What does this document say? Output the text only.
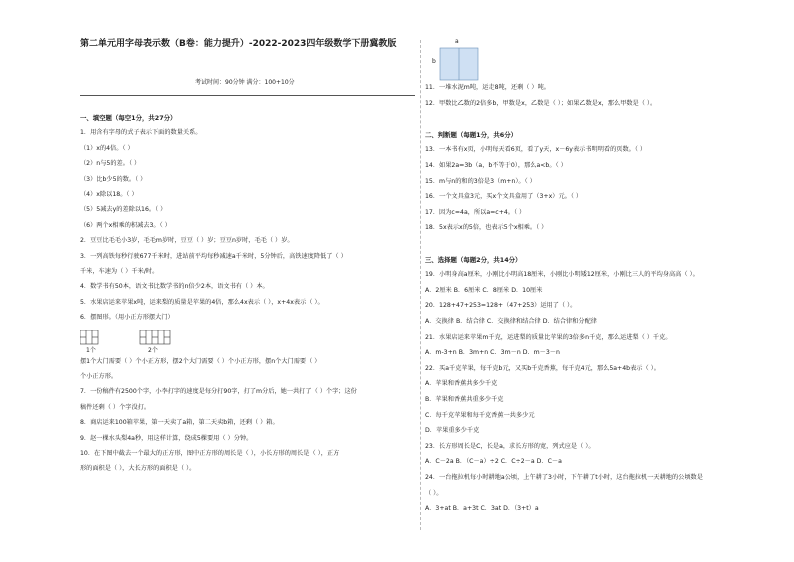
第二单元用字母表示数（B卷：能力提升）-2022-2023四年级数学下册冀教版
考试时间：90分钟 满分：100+10分
一、填空题（每空1分，共27分）
1．用含有字母的式子表示下面的数量关系。
（1）x的4倍。（ ）
（2）n与5的差。（ ）
（3）比b少5的数。（ ）
（4）x除以18。（ ）
（5）5减去y的差除以16。（ ）
（6）两个x相乘的积减去3。（ ）
2．豆豆比毛毛小3岁，毛毛m岁时，豆豆（ ）岁；豆豆n岁时，毛毛（ ）岁。
3．一列高铁每秒行驶677千米时，进站前平均每秒减速a千米时，5分钟后，高铁速度降低了（ ）
千米，车速为（ ）千米/时。
4．数学书有50本，语文书比数学书的n倍少2本，语文书有（ ）本。
5．水果店运来苹果x吨，运来梨的质量是苹果的4倍，那么4x表示（ ），x+4x表示（ ）。
6．摆图形。（用小正方形摆大门）
1个	2个
摆1个大门需要（ ）个小正方形，摆2个大门需要（ ）个小正方形，摆n个大门需要（ ）
个小正方形。
7．一份稿件有2500个字，小李打字的速度是每分打90字，打了m分后，她一共打了（ ）个字；这份
稿件还剩（ ）个字没打。
8．商店运来100箱苹果，第一天卖了a箱，第二天卖b箱，还剩（ ）箱。
9．赵一棵水头梨4a秒，用这样计算，绕成5棵要用（ ）分钟。
10．在下图中截去一个最大的正方形，图中正方形的周长是（ ），小长方形的周长是（ ），正方
形的面积是（ ），大长方形的面积是（ ）。
11．一堆水泥m吨，运走8吨，还剩（ ）吨。
12．甲数比乙数的2倍多b，甲数是x，乙数是（ ）；如果乙数是x，那么甲数是（ ）。
二、判断题（每题1分，共6分）
13．一本书有x页，小明每天看6页，看了y天，x－6y表示书明明看的页数。（ ）
14．如果2a=3b（a，b不等于0），那么a<b。（ ）
15．m与n的和的3倍是3（m+n）。（ ）
16．一个文具盒3元，买x个文具盒用了（3+x）元。（ ）
17．因为c=4a，所以a=c+4。（ ）
18．5x表示x的5倍，也表示5个x相乘。（ ）
三、选择题（每题2分，共14分）
19．小明身高a厘米，小刚比小明高18厘米，小刚比小明矮12厘米，小刚比三人的平均身高高（ ）。
A．2厘米 B．6厘米 C．8厘米 D．10厘米
20．128+47+253=128+（47+253）运用了（ ）。
A．交换律 B．结合律 C．交换律和结合律 D．结合律和分配律
21．水果店运来苹果m千克，运进梨的质量比苹果的3倍多n千克，那么运进梨（ ）千克。
A．m-3+n B．3m+n C．3m－n D．m－3－n
22．买a千克苹果，每千克b元，又买b千克香蕉，每千克4元，那么5a+4b表示（ ）。
A．苹果和香蕉共多少千克
B．苹果和香蕉共重多少千克
C．每千克苹果和每千克香蕉一共多少元
D．苹果重多少千克
23．长方形周长是C，长是a，求长方形的宽，列式应是（ ）。
A．C－2a B．（C－a）÷2 C．C÷2－a D．C－a
24．一台拖拉机每小时耕地a公顷，上午耕了3小时，下午耕了t小时，这台拖拉机一天耕地的公顷数是
（ ）。
A．3+at B．a+3t C．3at D．（3+t）a
a
b
